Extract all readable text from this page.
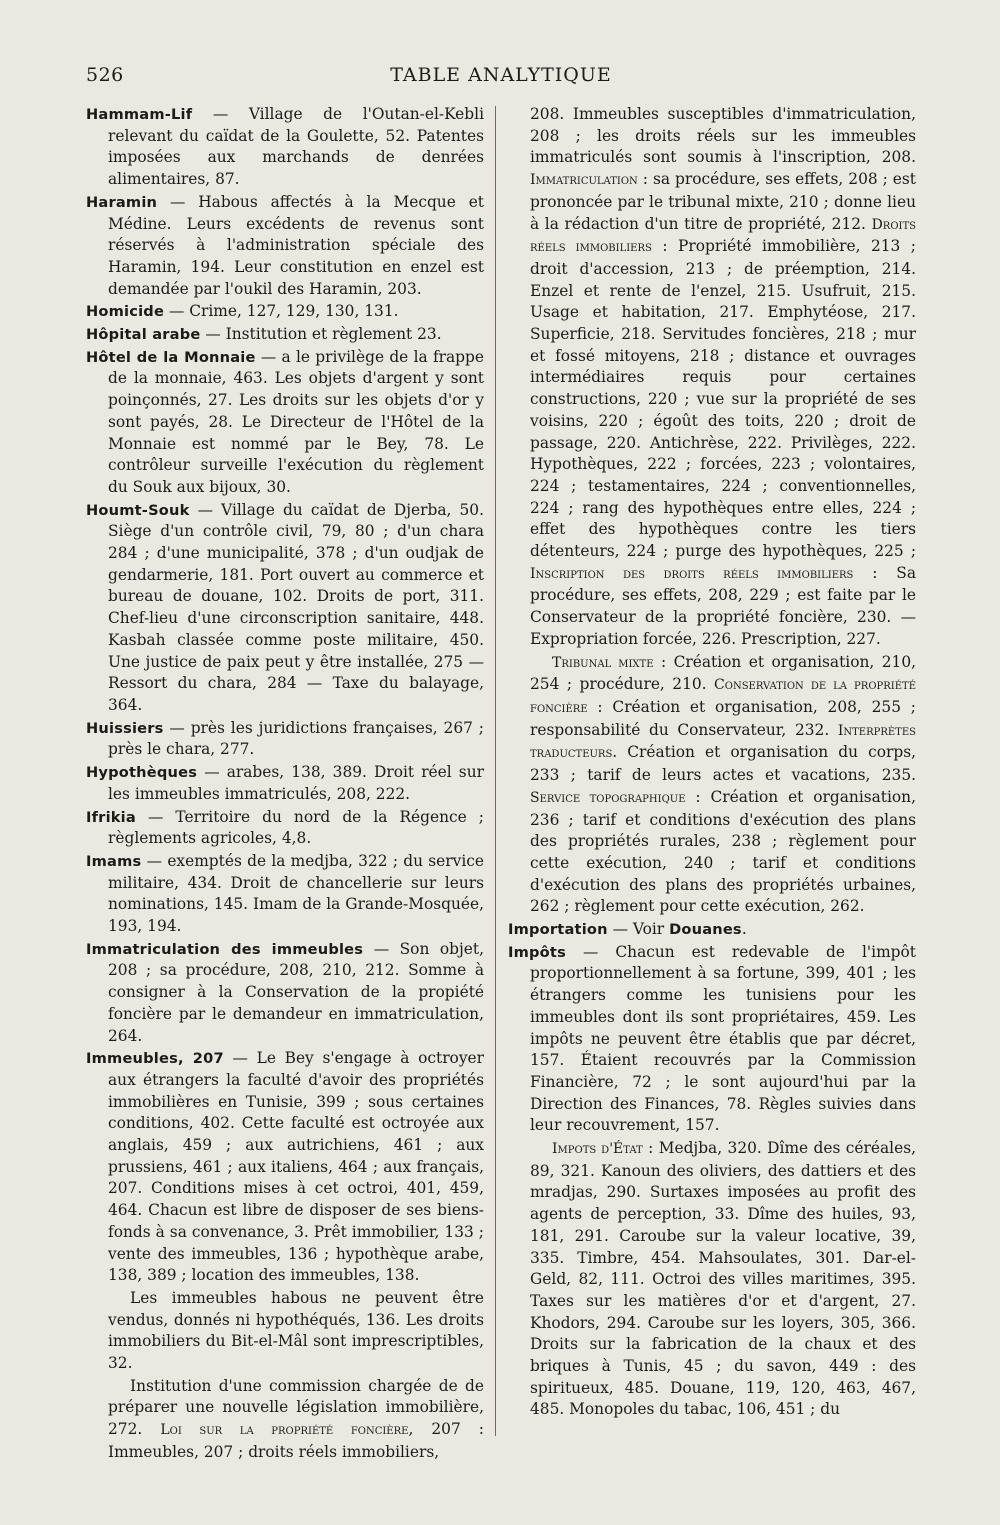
526	TABLE ANALYTIQUE

Hammam-Lif — Village de l'Outan-el-Kebli relevant du caïdat de la Goulette, 52. Patentes imposées aux marchands de denrées alimentaires, 87.

Haramin — Habous affectés à la Mecque et Médine. Leurs excédents de revenus sont réservés à l'administration spéciale des Haramin, 194. Leur constitution en enzel est demandée par l'oukil des Haramin, 203.

Homicide — Crime, 127, 129, 130, 131.

Hôpital arabe — Institution et règlement 23.

Hôtel de la Monnaie — a le privilège de la frappe de la monnaie, 463. Les objets d'argent y sont poinçonnés, 27. Les droits sur les objets d'or y sont payés, 28. Le Directeur de l'Hôtel de la Monnaie est nommé par le Bey, 78. Le contrôleur surveille l'exécution du règlement du Souk aux bijoux, 30.

Houmt-Souk — Village du caïdat de Djerba, 50. Siège d'un contrôle civil, 79, 80 ; d'un chara 284 ; d'une municipalité, 378 ; d'un oudjak de gendarmerie, 181. Port ouvert au commerce et bureau de douane, 102. Droits de port, 311. Chef-lieu d'une circonscription sanitaire, 448. Kasbah classée comme poste militaire, 450. Une justice de paix peut y être installée, 275 — Ressort du chara, 284 — Taxe du balayage, 364.

Huissiers — près les juridictions françaises, 267 ; près le chara, 277.

Hypothèques — arabes, 138, 389. Droit réel sur les immeubles immatriculés, 208, 222.

Ifrikia — Territoire du nord de la Régence ; règlements agricoles, 4,8.

Imams — exemptés de la medjba, 322 ; du service militaire, 434. Droit de chancellerie sur leurs nominations, 145. Imam de la Grande-Mosquée, 193, 194.

Immatriculation des immeubles — Son objet, 208 ; sa procédure, 208, 210, 212. Somme à consigner à la Conservation de la propiété foncière par le demandeur en immatriculation, 264.

Immeubles, 207 — Le Bey s'engage à octroyer aux étrangers la faculté d'avoir des propriétés immobilières en Tunisie, 399 ; sous certaines conditions, 402. Cette faculté est octroyée aux anglais, 459 ; aux autrichiens, 461 ; aux prussiens, 461 ; aux italiens, 464 ; aux français, 207. Conditions mises à cet octroi, 401, 459, 464. Chacun est libre de disposer de ses biens-fonds à sa convenance, 3. Prêt immobilier, 133 ; vente des immeubles, 136 ; hypothèque arabe, 138, 389 ; location des immeubles, 138.

Les immeubles habous ne peuvent être vendus, donnés ni hypothéqués, 136. Les droits immobiliers du Bit-el-Mâl sont imprescriptibles, 32.

Institution d'une commission chargée de de préparer une nouvelle législation immobilière, 272. Loi sur la propriété foncière, 207 : Immeubles, 207 ; droits réels immobiliers,

208. Immeubles susceptibles d'immatriculation, 208 ; les droits réels sur les immeubles immatriculés sont soumis à l'inscription, 208. Immatriculation : sa procédure, ses effets, 208 ; est prononcée par le tribunal mixte, 210 ; donne lieu à la rédaction d'un titre de propriété, 212. Droits réels immobiliers : Propriété immobilière, 213 ; droit d'accession, 213 ; de préemption, 214. Enzel et rente de l'enzel, 215. Usufruit, 215. Usage et habitation, 217. Emphytéose, 217. Superficie, 218. Servitudes foncières, 218 ; mur et fossé mitoyens, 218 ; distance et ouvrages intermédiaires requis pour certaines constructions, 220 ; vue sur la propriété de ses voisins, 220 ; égoût des toits, 220 ; droit de passage, 220. Antichrèse, 222. Privilèges, 222. Hypothèques, 222 ; forcées, 223 ; volontaires, 224 ; testamentaires, 224 ; conventionnelles, 224 ; rang des hypothèques entre elles, 224 ; effet des hypothèques contre les tiers détenteurs, 224 ; purge des hypothèques, 225 ; Inscription des droits réels immobiliers : Sa procédure, ses effets, 208, 229 ; est faite par le Conservateur de la propriété foncière, 230. — Expropriation forcée, 226. Prescription, 227.

Tribunal mixte : Création et organisation, 210, 254 ; procédure, 210. Conservation de la propriété foncière : Création et organisation, 208, 255 ; responsabilité du Conservateur, 232. Interprètes traducteurs. Création et organisation du corps, 233 ; tarif de leurs actes et vacations, 235. Service topographique : Création et organisation, 236 ; tarif et conditions d'exécution des plans des propriétés rurales, 238 ; règlement pour cette exécution, 240 ; tarif et conditions d'exécution des plans des propriétés urbaines, 262 ; règlement pour cette exécution, 262.

Importation — Voir Douanes.

Impôts — Chacun est redevable de l'impôt proportionnellement à sa fortune, 399, 401 ; les étrangers comme les tunisiens pour les immeubles dont ils sont propriétaires, 459. Les impôts ne peuvent être établis que par décret, 157. Étaient recouvrés par la Commission Financière, 72 ; le sont aujourd'hui par la Direction des Finances, 78. Règles suivies dans leur recouvrement, 157.

Impots d'État : Medjba, 320. Dîme des céréales, 89, 321. Kanoun des oliviers, des dattiers et des mradjas, 290. Surtaxes imposées au profit des agents de perception, 33. Dîme des huiles, 93, 181, 291. Caroube sur la valeur locative, 39, 335. Timbre, 454. Mahsoulates, 301. Dar-el-Geld, 82, 111. Octroi des villes maritimes, 395. Taxes sur les matières d'or et d'argent, 27. Khodors, 294. Caroube sur les loyers, 305, 366. Droits sur la fabrication de la chaux et des briques à Tunis, 45 ; du savon, 449 : des spiritueux, 485. Douane, 119, 120, 463, 467, 485. Monopoles du tabac, 106, 451 ; du
